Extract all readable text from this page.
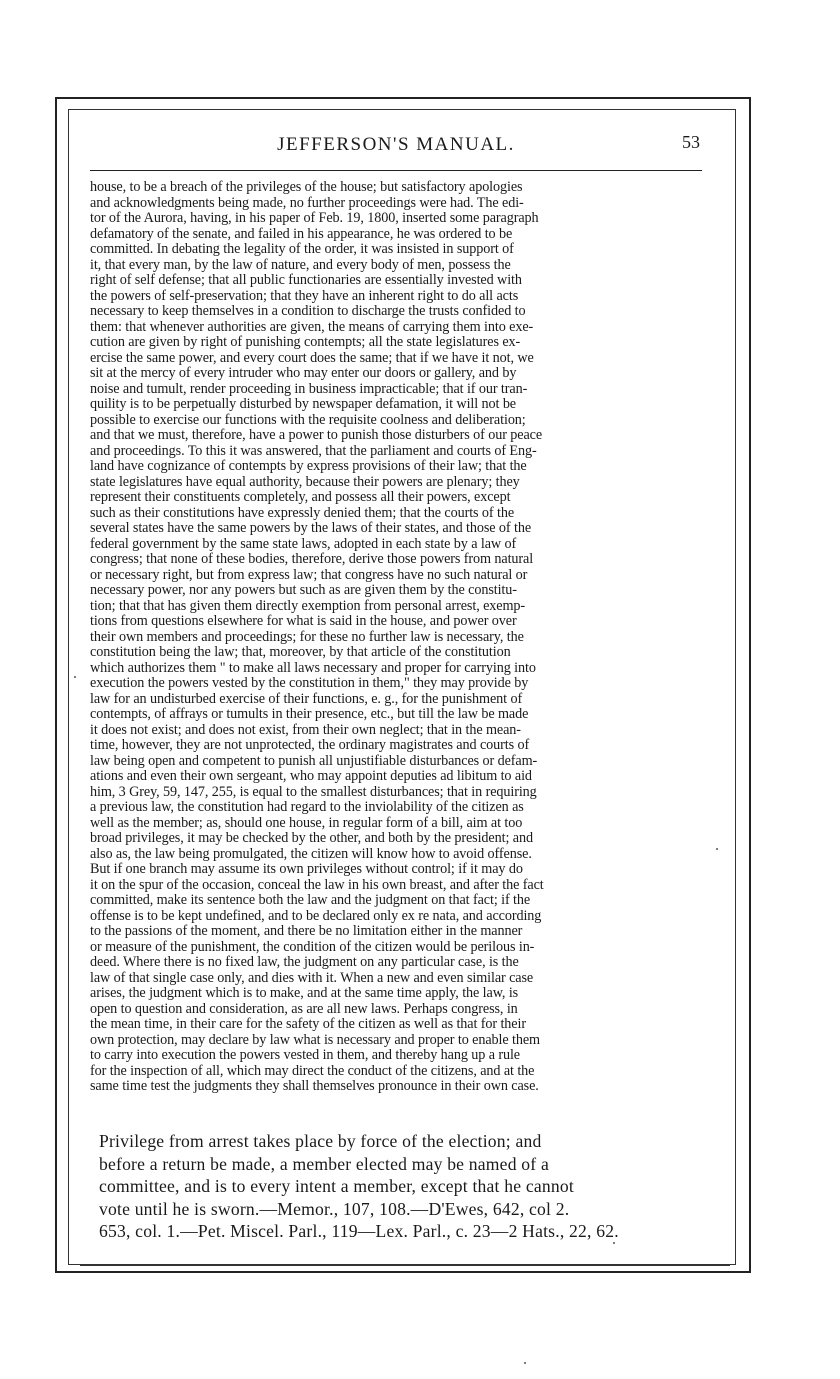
JEFFERSON'S MANUAL.	53
house, to be a breach of the privileges of the house; but satisfactory apologies
and acknowledgments being made, no further proceedings were had. The edi-
tor of the Aurora, having, in his paper of Feb. 19, 1800, inserted some paragraph
defamatory of the senate, and failed in his appearance, he was ordered to be
committed. In debating the legality of the order, it was insisted in support of
it, that every man, by the law of nature, and every body of men, possess the
right of self defense; that all public functionaries are essentially invested with
the powers of self-preservation; that they have an inherent right to do all acts
necessary to keep themselves in a condition to discharge the trusts confided to
them: that whenever authorities are given, the means of carrying them into exe-
cution are given by right of punishing contempts; all the state legislatures ex-
ercise the same power, and every court does the same; that if we have it not, we
sit at the mercy of every intruder who may enter our doors or gallery, and by
noise and tumult, render proceeding in business impracticable; that if our tran-
quility is to be perpetually disturbed by newspaper defamation, it will not be
possible to exercise our functions with the requisite coolness and deliberation;
and that we must, therefore, have a power to punish those disturbers of our peace
and proceedings. To this it was answered, that the parliament and courts of Eng-
land have cognizance of contempts by express provisions of their law; that the
state legislatures have equal authority, because their powers are plenary; they
represent their constituents completely, and possess all their powers, except
such as their constitutions have expressly denied them; that the courts of the
several states have the same powers by the laws of their states, and those of the
federal government by the same state laws, adopted in each state by a law of
congress; that none of these bodies, therefore, derive those powers from natural
or necessary right, but from express law; that congress have no such natural or
necessary power, nor any powers but such as are given them by the constitu-
tion; that that has given them directly exemption from personal arrest, exemp-
tions from questions elsewhere for what is said in the house, and power over
their own members and proceedings; for these no further law is necessary, the
constitution being the law; that, moreover, by that article of the constitution
which authorizes them " to make all laws necessary and proper for carrying into
execution the powers vested by the constitution in them," they may provide by
law for an undisturbed exercise of their functions, e. g., for the punishment of
contempts, of affrays or tumults in their presence, etc., but till the law be made
it does not exist; and does not exist, from their own neglect; that in the mean-
time, however, they are not unprotected, the ordinary magistrates and courts of
law being open and competent to punish all unjustifiable disturbances or defam-
ations and even their own sergeant, who may appoint deputies ad libitum to aid
him, 3 Grey, 59, 147, 255, is equal to the smallest disturbances; that in requiring
a previous law, the constitution had regard to the inviolability of the citizen as
well as the member; as, should one house, in regular form of a bill, aim at too
broad privileges, it may be checked by the other, and both by the president; and
also as, the law being promulgated, the citizen will know how to avoid offense.
But if one branch may assume its own privileges without control; if it may do
it on the spur of the occasion, conceal the law in his own breast, and after the fact
committed, make its sentence both the law and the judgment on that fact; if the
offense is to be kept undefined, and to be declared only ex re nata, and according
to the passions of the moment, and there be no limitation either in the manner
or measure of the punishment, the condition of the citizen would be perilous in-
deed. Where there is no fixed law, the judgment on any particular case, is the
law of that single case only, and dies with it. When a new and even similar case
arises, the judgment which is to make, and at the same time apply, the law, is
open to question and consideration, as are all new laws. Perhaps congress, in
the mean time, in their care for the safety of the citizen as well as that for their
own protection, may declare by law what is necessary and proper to enable them
to carry into execution the powers vested in them, and thereby hang up a rule
for the inspection of all, which may direct the conduct of the citizens, and at the
same time test the judgments they shall themselves pronounce in their own case.
Privilege from arrest takes place by force of the election; and
before a return be made, a member elected may be named of a
committee, and is to every intent a member, except that he cannot
vote until he is sworn.—Memor., 107, 108.—D'Ewes, 642, col 2.
653, col. 1.—Pet. Miscel. Parl., 119—Lex. Parl., c. 23—2 Hats., 22, 62.
